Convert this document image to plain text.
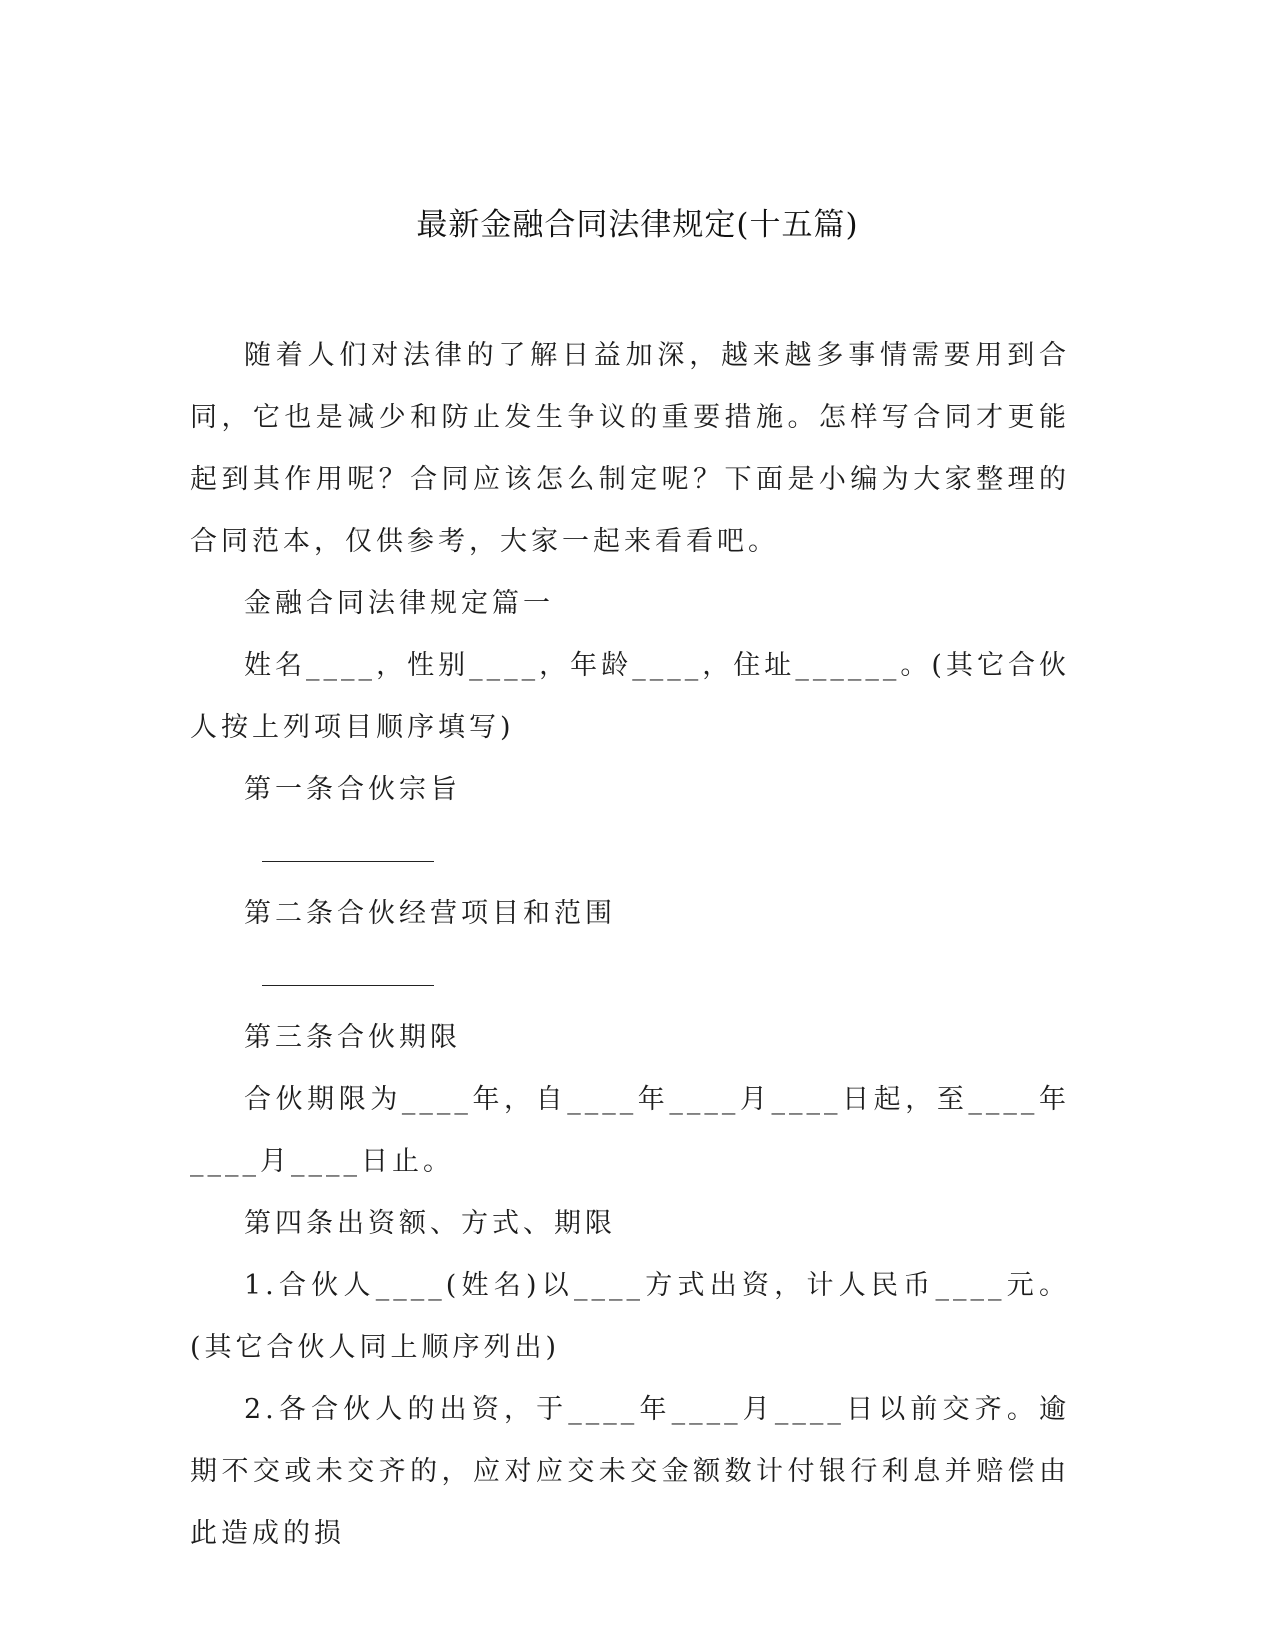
最新金融合同法律规定(十五篇)

随着人们对法律的了解日益加深，越来越多事情需要用到合同，它也是减少和防止发生争议的重要措施。怎样写合同才更能起到其作用呢？合同应该怎么制定呢？下面是小编为大家整理的合同范本，仅供参考，大家一起来看看吧。

金融合同法律规定篇一

姓名____，性别____，年龄____，住址______。(其它合伙人按上列项目顺序填写)

第一条合伙宗旨

第二条合伙经营项目和范围

第三条合伙期限

合伙期限为____年，自____年____月____日起，至____年____月____日止。

第四条出资额、方式、期限

1.合伙人____(姓名)以____方式出资，计人民币____元。(其它合伙人同上顺序列出)

2.各合伙人的出资，于____年____月____日以前交齐。逾期不交或未交齐的，应对应交未交金额数计付银行利息并赔偿由此造成的损
